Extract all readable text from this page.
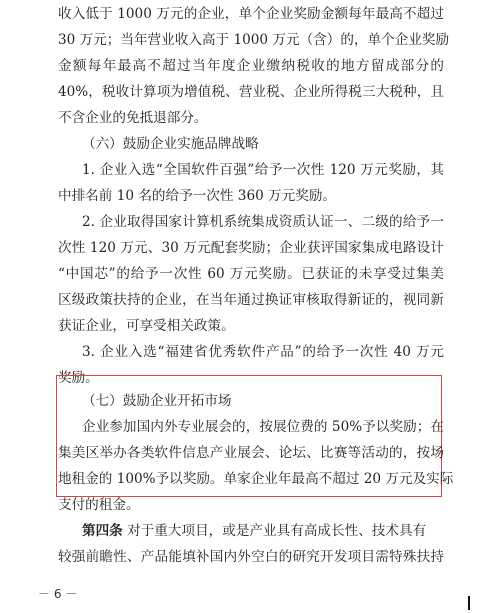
收入低于 1000 万元的企业，单个企业奖励金额每年最高不超过
30 万元；当年营业收入高于 1000 万元（含）的，单个企业奖励
金额每年最高不超过当年度企业缴纳税收的地方留成部分的
40%，税收计算项为增值税、营业税、企业所得税三大税种，且
不含企业的免抵退部分。
（六）鼓励企业实施品牌战略
1. 企业入选“全国软件百强”给予一次性 120 万元奖励，其
中排名前 10 名的给予一次性 360 万元奖励。
2. 企业取得国家计算机系统集成资质认证一、二级的给予一
次性 120 万元、30 万元配套奖励；企业获评国家集成电路设计
“中国芯”的给予一次性 60 万元奖励。已获证的未享受过集美
区级政策扶持的企业，在当年通过换证审核取得新证的，视同新
获证企业，可享受相关政策。
3. 企业入选“福建省优秀软件产品”的给予一次性 40 万元
奖励。
（七）鼓励企业开拓市场
企业参加国内外专业展会的，按展位费的 50%予以奖励；在
集美区举办各类软件信息产业展会、论坛、比赛等活动的，按场
地租金的 100%予以奖励。单家企业年最高不超过 20 万元及实际
支付的租金。
第四条 对于重大项目，或是产业具有高成长性、技术具有
较强前瞻性、产品能填补国内外空白的研究开发项目需特殊扶持
－ 6 －
